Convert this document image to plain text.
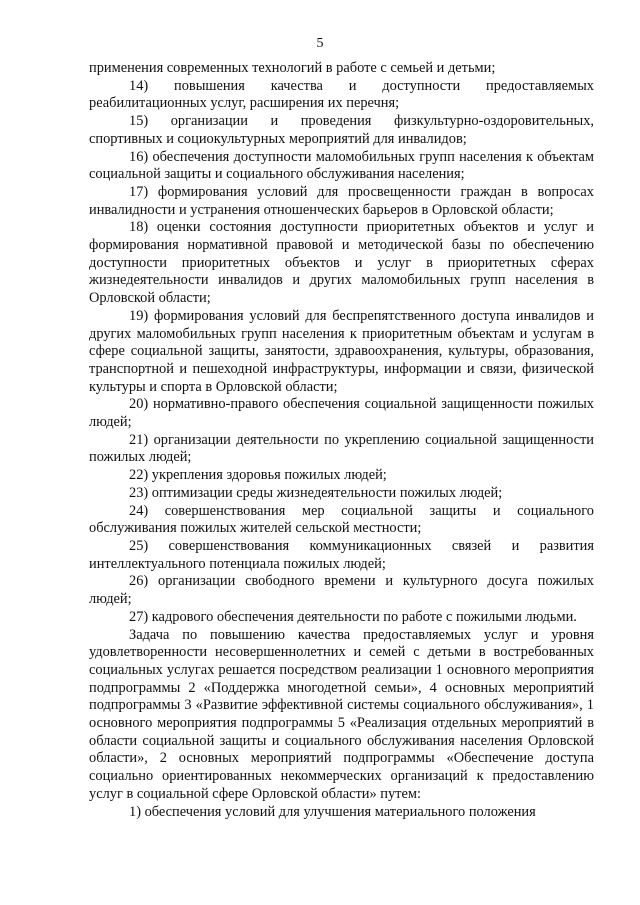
5

применения современных технологий в работе с семьей и детьми;

14) повышения качества и доступности предоставляемых реабилитационных услуг, расширения их перечня;

15) организации и проведения физкультурно-оздоровительных, спортивных и социокультурных мероприятий для инвалидов;

16) обеспечения доступности маломобильных групп населения к объектам социальной защиты и социального обслуживания населения;

17) формирования условий для просвещенности граждан в вопросах инвалидности и устранения отношенческих барьеров в Орловской области;

18) оценки состояния доступности приоритетных объектов и услуг и формирования нормативной правовой и методической базы по обеспечению доступности приоритетных объектов и услуг в приоритетных сферах жизнедеятельности инвалидов и других маломобильных групп населения в Орловской области;

19) формирования условий для беспрепятственного доступа инвалидов и других маломобильных групп населения к приоритетным объектам и услугам в сфере социальной защиты, занятости, здравоохранения, культуры, образования, транспортной и пешеходной инфраструктуры, информации и связи, физической культуры и спорта в Орловской области;

20) нормативно-правого обеспечения социальной защищенности пожилых людей;

21) организации деятельности по укреплению социальной защищенности пожилых людей;

22) укрепления здоровья пожилых людей;

23) оптимизации среды жизнедеятельности пожилых людей;

24) совершенствования мер социальной защиты и социального обслуживания пожилых жителей сельской местности;

25) совершенствования коммуникационных связей и развития интеллектуального потенциала пожилых людей;

26) организации свободного времени и культурного досуга пожилых людей;

27) кадрового обеспечения деятельности по работе с пожилыми людьми.

Задача по повышению качества предоставляемых услуг и уровня удовлетворенности несовершеннолетних и семей с детьми в востребованных социальных услугах решается посредством реализации 1 основного мероприятия подпрограммы 2 «Поддержка многодетной семьи», 4 основных мероприятий подпрограммы 3 «Развитие эффективной системы социального обслуживания», 1 основного мероприятия подпрограммы 5 «Реализация отдельных мероприятий в области социальной защиты и социального обслуживания населения Орловской области», 2 основных мероприятий подпрограммы «Обеспечение доступа социально ориентированных некоммерческих организаций к предоставлению услуг в социальной сфере Орловской области» путем:

1) обеспечения условий для улучшения материального положения
